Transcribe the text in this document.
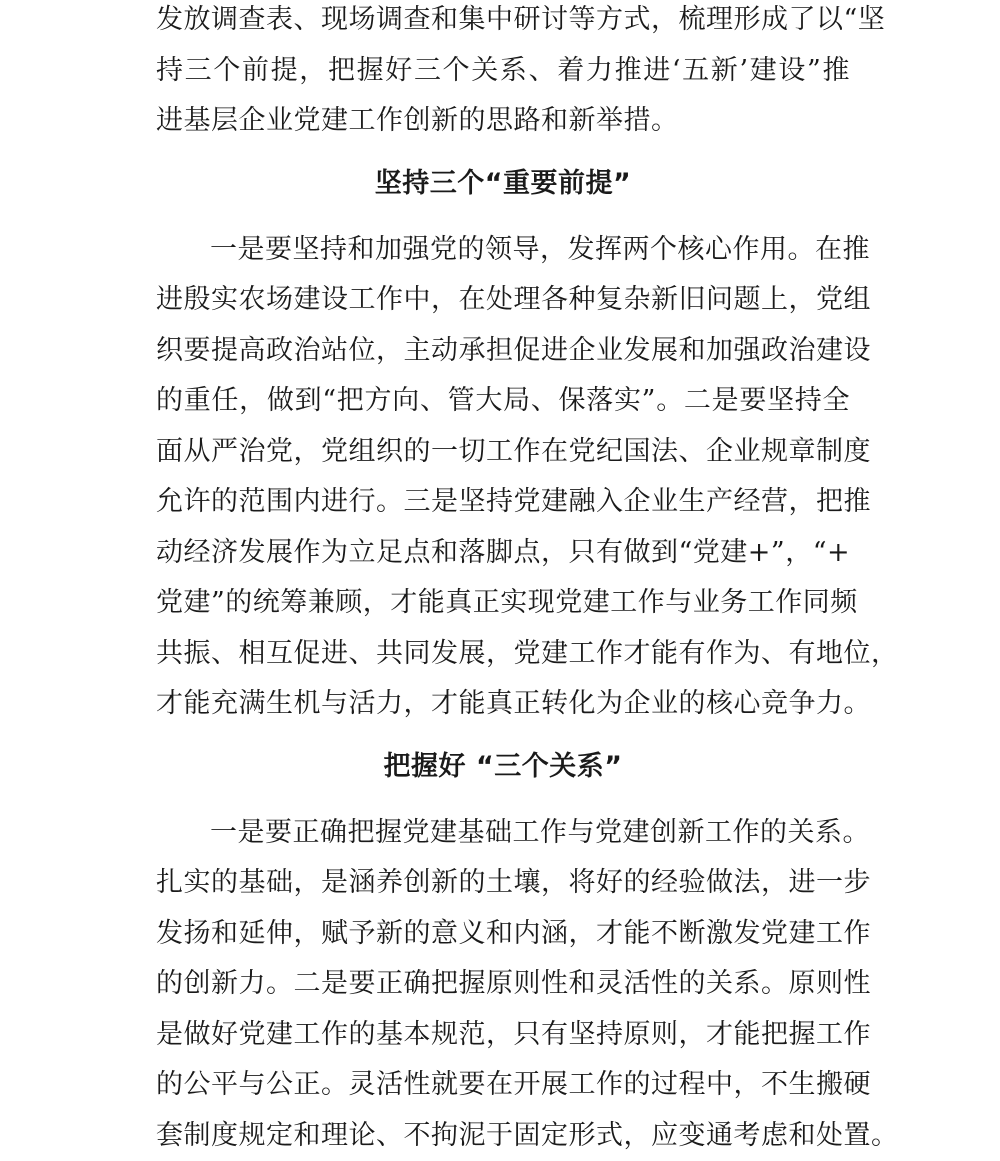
发放调查表、现场调查和集中研讨等方式，梳理形成了以“坚
持三个前提，把握好三个关系、着力推进‘五新’建设”推
进基层企业党建工作创新的思路和新举措。
坚持三个“重要前提”
一是要坚持和加强党的领导，发挥两个核心作用。在推
进殷实农场建设工作中，在处理各种复杂新旧问题上，党组
织要提高政治站位，主动承担促进企业发展和加强政治建设
的重任，做到“把方向、管大局、保落实”。二是要坚持全
面从严治党，党组织的一切工作在党纪国法、企业规章制度
允许的范围内进行。三是坚持党建融入企业生产经营，把推
动经济发展作为立足点和落脚点，只有做到“党建+”，“+
党建”的统筹兼顾，才能真正实现党建工作与业务工作同频
共振、相互促进、共同发展，党建工作才能有作为、有地位，
才能充满生机与活力，才能真正转化为企业的核心竞争力。
把握好 “三个关系”
一是要正确把握党建基础工作与党建创新工作的关系。
扎实的基础，是涵养创新的土壤，将好的经验做法，进一步
发扬和延伸，赋予新的意义和内涵，才能不断激发党建工作
的创新力。二是要正确把握原则性和灵活性的关系。原则性
是做好党建工作的基本规范，只有坚持原则，才能把握工作
的公平与公正。灵活性就要在开展工作的过程中，不生搬硬
套制度规定和理论、不拘泥于固定形式，应变通考虑和处置。
